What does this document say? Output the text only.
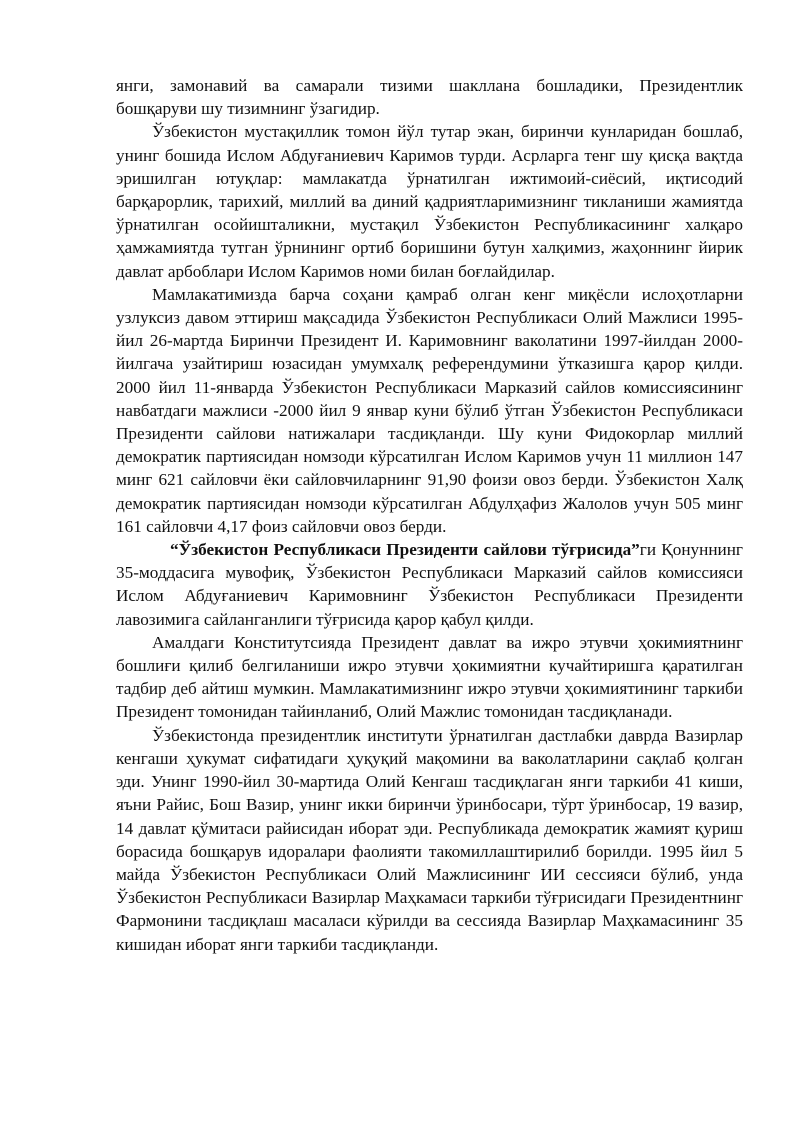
янги, замонавий ва самарали тизими шакллана бошладики, Президентлик бошқаруви шу тизимнинг ўзагидир.

Ўзбекистон мустақиллик томон йўл тутар экан, биринчи кунларидан бошлаб, унинг бошида Ислом Абдуғаниевич Каримов турди. Асрларга тенг шу қисқа вақтда эришилган ютуқлар: мамлакатда ўрнатилган ижтимоий-сиёсий, иқтисодий барқарорлик, тарихий, миллий ва диний қадриятларимизнинг тикланиши жамиятда ўрнатилган осойишталикни, мустақил Ўзбекистон Республикасининг халқаро ҳамжамиятда тутган ўрнининг ортиб боришини бутун халқимиз, жаҳоннинг йирик давлат арбоблари Ислом Каримов номи билан боғлайдилар.

Мамлакатимизда барча соҳани қамраб олган кенг миқёсли ислоҳотларни узлуксиз давом эттириш мақсадида Ўзбекистон Республикаси Олий Мажлиси 1995-йил 26-мартда Биринчи Президент И. Каримовнинг ваколатини 1997-йилдан 2000-йилгача узайтириш юзасидан умумхалқ референдумини ўтказишга қарор қилди. 2000 йил 11-январда Ўзбекистон Республикаси Марказий сайлов комиссиясининг навбатдаги мажлиси -2000 йил 9 январ куни бўлиб ўтган Ўзбекистон Республикаси Президенти сайлови натижалари тасдиқланди. Шу куни Фидокорлар миллий демократик партиясидан номзоди кўрсатилган Ислом Каримов учун 11 миллион 147 минг 621 сайловчи ёки сайловчиларнинг 91,90 фоизи овоз берди. Ўзбекистон Халқ демократик партиясидан номзоди кўрсатилган Абдулҳафиз Жалолов учун 505 минг 161 сайловчи 4,17 фоиз сайловчи овоз берди.

“Ўзбекистон Республикаси Президенти сайлови тўғрисида”ги Қонуннинг 35-моддасига мувофиқ, Ўзбекистон Республикаси Марказий сайлов комиссияси Ислом Абдуғаниевич Каримовнинг Ўзбекистон Республикаси Президенти лавозимига сайланганлиги тўғрисида қарор қабул қилди.

Амалдаги Конститутсияда Президент давлат ва ижро этувчи ҳокимиятнинг бошлиғи қилиб белгиланиши ижро этувчи ҳокимиятни кучайтиришга қаратилган тадбир деб айтиш мумкин. Мамлакатимизнинг ижро этувчи ҳокимиятининг таркиби Президент томонидан тайинланиб, Олий Мажлис томонидан тасдиқланади.

Ўзбекистонда президентлик институти ўрнатилган дастлабки даврда Вазирлар кенгаши ҳукумат сифатидаги ҳуқуқий мақомини ва ваколатларини сақлаб қолган эди. Унинг 1990-йил 30-мартида Олий Кенгаш тасдиқлаган янги таркиби 41 киши, яъни Райис, Бош Вазир, унинг икки биринчи ўринбосари, тўрт ўринбосар, 19 вазир, 14 давлат қўмитаси райисидан иборат эди. Республикада демократик жамият қуриш борасида бошқарув идоралари фаолияти такомиллаштирилиб борилди. 1995 йил 5 майда Ўзбекистон Республикаси Олий Мажлисининг ИИ сессияси бўлиб, унда Ўзбекистон Республикаси Вазирлар Маҳкамаси таркиби тўғрисидаги Президентнинг Фармонини тасдиқлаш масаласи кўрилди ва сессияда Вазирлар Маҳкамасининг 35 кишидан иборат янги таркиби тасдиқланди.
